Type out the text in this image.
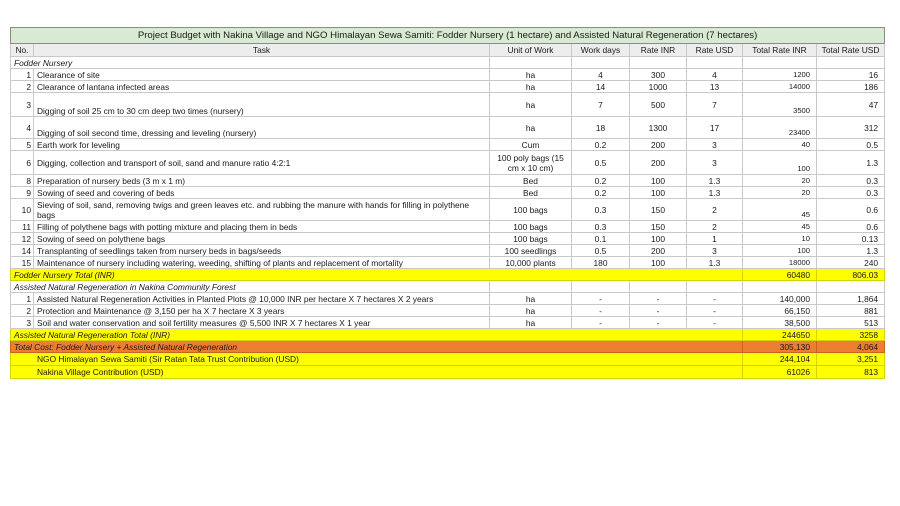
Project Budget with Nakina Village and NGO Himalayan Sewa Samiti: Fodder Nursery (1 hectare) and Assisted Natural Regeneration (7 hectares)							
No.	Task	Unit of Work	Work days	Rate INR	Rate USD	Total Rate INR	Total Rate USD
Fodder Nursery							
1	Clearance of site	ha	4	300	4	1200	16
2	Clearance of lantana infected areas	ha	14	1000	13	14000	186
3	Digging of soil 25 cm to 30 cm deep two times (nursery)	ha	7	500	7	3500	47
4	Digging of soil second time, dressing and leveling (nursery)	ha	18	1300	17	23400	312
5	Earth work for leveling	Cum	0.2	200	3	40	0.5
6	Digging, collection and transport of soil, sand and manure ratio 4:2:1	100 poly bags (15 cm x 10 cm)	0.5	200	3	100	1.3
8	Preparation of nursery beds (3 m x 1 m)	Bed	0.2	100	1.3	20	0.3
9	Sowing of seed and covering of beds	Bed	0.2	100	1.3	20	0.3
10	Sieving of soil, sand, removing twigs and green leaves etc. and rubbing the manure with hands for filling in polythene bags	100 bags	0.3	150	2	45	0.6
11	Filling of polythene bags with potting mixture and placing them in beds	100 bags	0.3	150	2	45	0.6
12	Sowing of seed on polythene bags	100 bags	0.1	100	1	10	0.13
14	Transplanting of seedlings taken from nursery beds in bags/seeds	100 seedlings	0.5	200	3	100	1.3
15	Maintenance of nursery including watering, weeding, shifting of plants and replacement of mortality	10,000 plants	180	100	1.3	18000	240
Fodder Nursery Total (INR)						60480	806.03
Assisted Natural Regeneration in Nakina Community Forest							
1	Assisted Natural Regeneration Activities in Planted Plots @ 10,000 INR per hectare X 7 hectares X 2 years	ha	-	-	-	140,000	1,864
2	Protection and Maintenance @ 3,150 per ha X 7 hectare X 3 years	ha	-	-	-	66,150	881
3	Soil and water conservation and soil fertility measures @ 5,500 INR X 7 hectares X 1 year	ha	-	-	-	38,500	513
Assisted Natural Regeneration Total (INR)						244650	3258
Total Cost: Fodder Nursery + Assisted Natural Regeneration						305,130	4,064
NGO Himalayan Sewa Samiti (Sir Ratan Tata Trust Contribution (USD)						244,104	3,251
Nakina Village Contribution (USD)						61026	813
